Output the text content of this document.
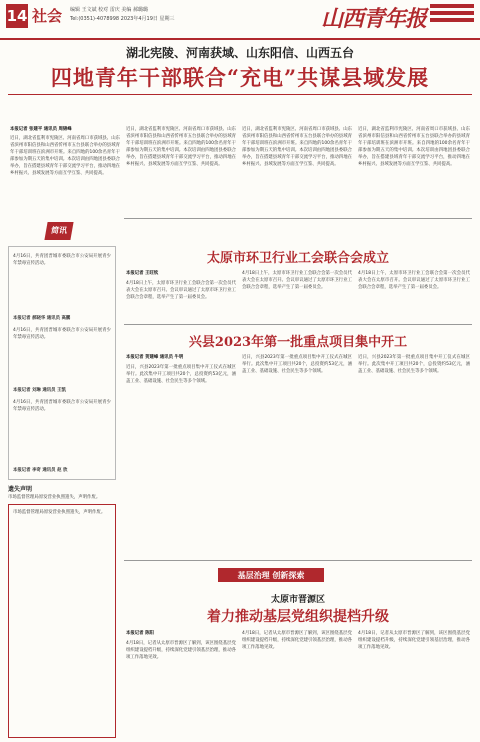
14 社会 编辑 王文斌 校对 雷庆 美编 郝璐璐
Tel:(0351)-4078998 2023年4月19日 星期三	山西青年报
湖北宪陵、河南获域、山东阳信、山西五台
四地青年干部联合“充电”共谋县域发展
本报记者 张建平 通讯员 周锦峰
近日，湖北省监利市宪陵区、河南省周口市获域县、山东省滨州市阳信县和山西省忻州市五台县联合举办的县域青年干部培训班在滨洲市开班。来自四地的100余名青年干部参加为期五天的集中培训。本次培训由四地团县委联合举办，旨在搭建县域青年干部交流学习平台，推动四地在乡村振兴、县域发展等方面互学互鉴、共同提高。
近日，湖北省监利市宪陵区、河南省周口市获域县、山东省滨州市阳信县和山西省忻州市五台县联合举办的县域青年干部培训班在滨洲市开班。来自四地的100余名青年干部参加为期五天的集中培训。本次培训由四地团县委联合举办，旨在搭建县域青年干部交流学习平台，推动四地在乡村振兴、县域发展等方面互学互鉴、共同提高。
近日，湖北省监利市宪陵区、河南省周口市获域县、山东省滨州市阳信县和山西省忻州市五台县联合举办的县域青年干部培训班在滨洲市开班。来自四地的100余名青年干部参加为期五天的集中培训。本次培训由四地团县委联合举办，旨在搭建县域青年干部交流学习平台，推动四地在乡村振兴、县域发展等方面互学互鉴、共同提高。
近日，湖北省监利市宪陵区、河南省周口市获域县、山东省滨州市阳信县和山西省忻州市五台县联合举办的县域青年干部培训班在滨洲市开班。来自四地的100余名青年干部参加为期五天的集中培训。本次培训由四地团县委联合举办，旨在搭建县域青年干部交流学习平台，推动四地在乡村振兴、县域发展等方面互学互鉴、共同提高。
简讯
4月16日，共青团晋城市委联合市公安局开展青少年禁毒宣传活动。
本报记者 郝晓华 通讯员 高鹏
4月16日，共青团晋城市委联合市公安局开展青少年禁毒宣传活动。
本报记者 刘琳 通讯员 王凯
4月16日，共青团晋城市委联合市公安局开展青少年禁毒宣传活动。
本报记者 李奇 通讯员 赵 欣
太原市环卫行业工会联合会成立
本报记者 王旺钦
4月18日上午，太原市环卫行业工会联合会第一次会员代表大会在太原市召开。会议审议通过了太原市环卫行业工会联合会章程，选举产生了第一届委员会。
4月18日上午，太原市环卫行业工会联合会第一次会员代表大会在太原市召开。会议审议通过了太原市环卫行业工会联合会章程，选举产生了第一届委员会。
4月18日上午，太原市环卫行业工会联合会第一次会员代表大会在太原市召开。会议审议通过了太原市环卫行业工会联合会章程，选举产生了第一届委员会。
兴县2023年第一批重点项目集中开工
本报记者 贺建峰 通讯员 牛明
近日，兴县2023年第一批重点项目集中开工仪式在城区举行。此次集中开工项目共20个，总投资约53亿元，涵盖工业、基础设施、社会民生等多个领域。
近日，兴县2023年第一批重点项目集中开工仪式在城区举行。此次集中开工项目共20个，总投资约53亿元，涵盖工业、基础设施、社会民生等多个领域。
近日，兴县2023年第一批重点项目集中开工仪式在城区举行。此次集中开工项目共20个，总投资约53亿元，涵盖工业、基础设施、社会民生等多个领域。
遗失声明
市场监督管理局原发营业执照遗失，声明作废。
市场监督管理局原发营业执照遗失，声明作废。
基层治理 创新探索
太原市晋源区
着力推动基层党组织提档升级
本报记者 陈阳
4月18日，记者从太原市晋源区了解到，该区围绕基层党组织建设提档升级，持续深化党建引领基层治理，推动各项工作落地见效。
4月18日，记者从太原市晋源区了解到，该区围绕基层党组织建设提档升级，持续深化党建引领基层治理，推动各项工作落地见效。
4月18日，记者从太原市晋源区了解到，该区围绕基层党组织建设提档升级，持续深化党建引领基层治理，推动各项工作落地见效。
